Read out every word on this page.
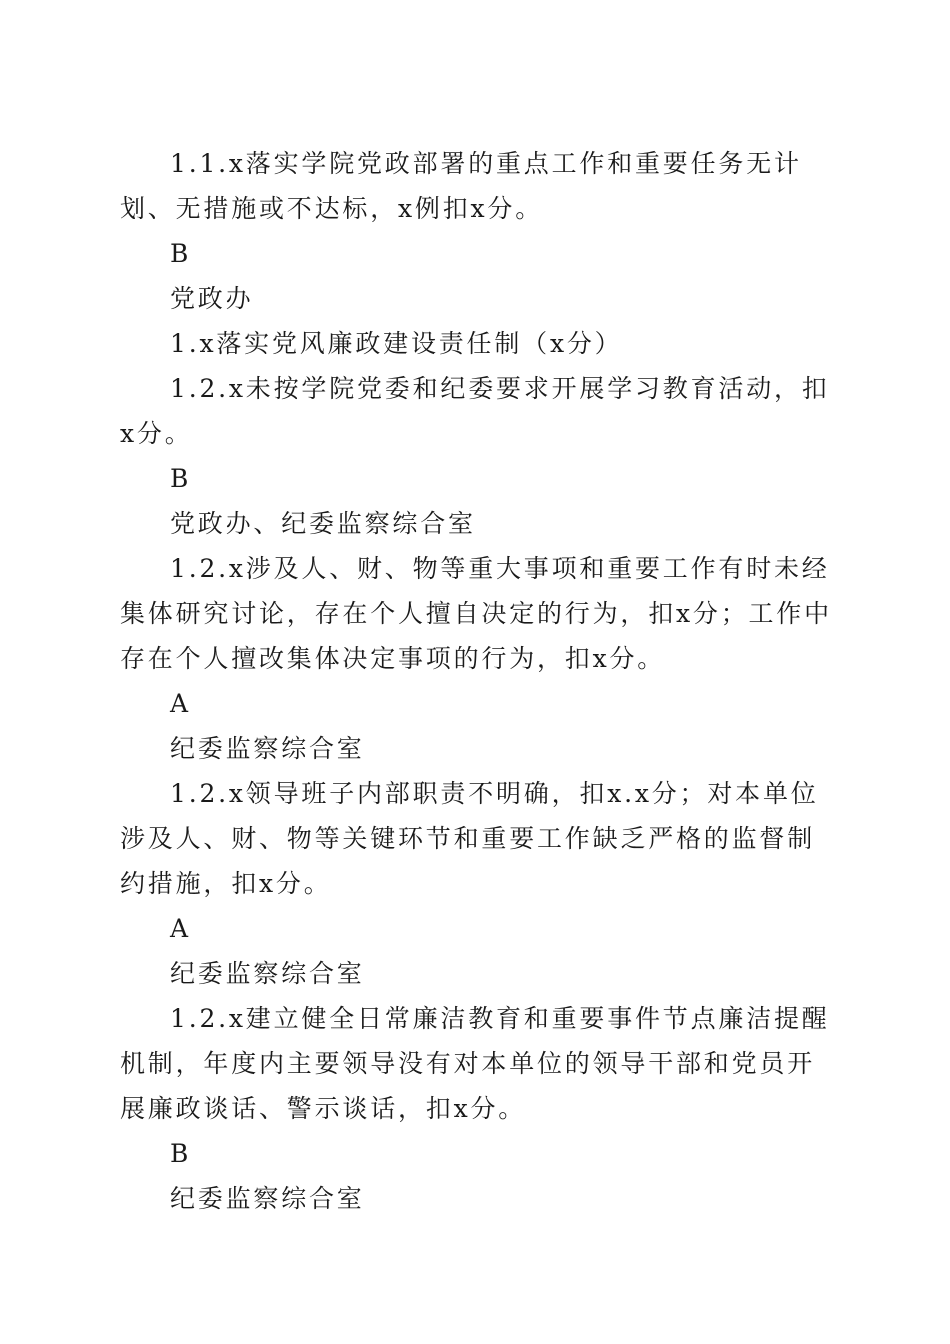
1.1.x落实学院党政部署的重点工作和重要任务无计划、无措施或不达标，x例扣x分。

B

党政办

1.x落实党风廉政建设责任制（x分）

1.2.x未按学院党委和纪委要求开展学习教育活动，扣x分。

B

党政办、纪委监察综合室

1.2.x涉及人、财、物等重大事项和重要工作有时未经集体研究讨论，存在个人擅自决定的行为，扣x分；工作中存在个人擅改集体决定事项的行为，扣x分。

A

纪委监察综合室

1.2.x领导班子内部职责不明确，扣x.x分；对本单位涉及人、财、物等关键环节和重要工作缺乏严格的监督制约措施，扣x分。

A

纪委监察综合室

1.2.x建立健全日常廉洁教育和重要事件节点廉洁提醒机制，年度内主要领导没有对本单位的领导干部和党员开展廉政谈话、警示谈话，扣x分。

B

纪委监察综合室
